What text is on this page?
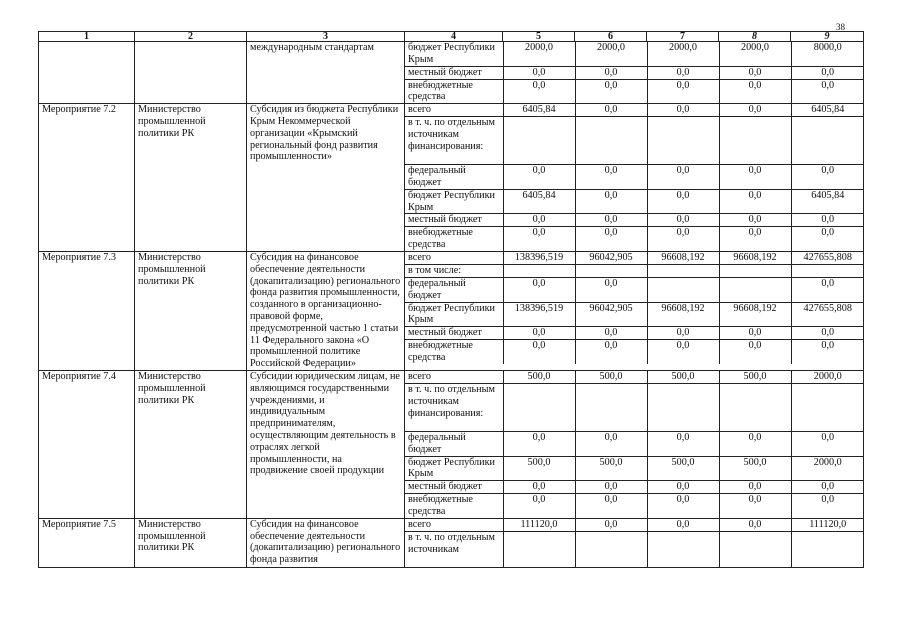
38
1	2	3	4	5	6	7	8	9
		международным стандартам		бюджет Республики Крым	2000,0	2000,0	2000,0	2000,0	8000,0
местный бюджет	0,0	0,0	0,0	0,0	0,0
внебюджетные средства	0,0	0,0	0,0	0,0	0,0

Мероприятие 7.2	Министерство промышленной политики РК	Субсидия из бюджета Республики Крым Некоммерческой организации «Крымский региональный фонд развития промышленности»	
всего	6405,84	0,0	0,0	0,0	6405,84
в т. ч. по отдельным источникам финансирования:					
федеральный бюджет	0,0	0,0	0,0	0,0	0,0
бюджет Республики Крым	6405,84	0,0	0,0	0,0	6405,84
местный бюджет	0,0	0,0	0,0	0,0	0,0
внебюджетные средства	0,0	0,0	0,0	0,0	0,0

Мероприятие 7.3	Министерство промышленной политики РК	Субсидия на финансовое обеспечение деятельности (докапитализацию) регионального фонда развития промышленности, созданного в организационно-правовой форме, предусмотренной частью 1 статьи 11 Федерального закона «О промышленной политике Российской Федерации»	
всего	138396,519	96042,905	96608,192	96608,192	427655,808
в том числе:					
федеральный бюджет	0,0	0,0			0,0
бюджет Республики Крым	138396,519	96042,905	96608,192	96608,192	427655,808
местный бюджет	0,0	0,0	0,0	0,0	0,0
внебюджетные средства	0,0	0,0	0,0	0,0	0,0

Мероприятие 7.4	Министерство промышленной политики РК	Субсидии юридическим лицам, не являющимся государственными учреждениями, и индивидуальным предпринимателям, осуществляющим деятельность в отраслях легкой промышленности, на продвижение своей продукции	
всего	500,0	500,0	500,0	500,0	2000,0
в т. ч. по отдельным источникам финансирования:					
федеральный бюджет	0,0	0,0	0,0	0,0	0,0
бюджет Республики Крым	500,0	500,0	500,0	500,0	2000,0
местный бюджет	0,0	0,0	0,0	0,0	0,0
внебюджетные средства	0,0	0,0	0,0	0,0	0,0

Мероприятие 7.5	Министерство промышленной политики РК	Субсидия на финансовое обеспечение деятельности (докапитализацию) регионального фонда развития	
всего	111120,0	0,0	0,0	0,0	111120,0
в т. ч. по отдельным источникам					
